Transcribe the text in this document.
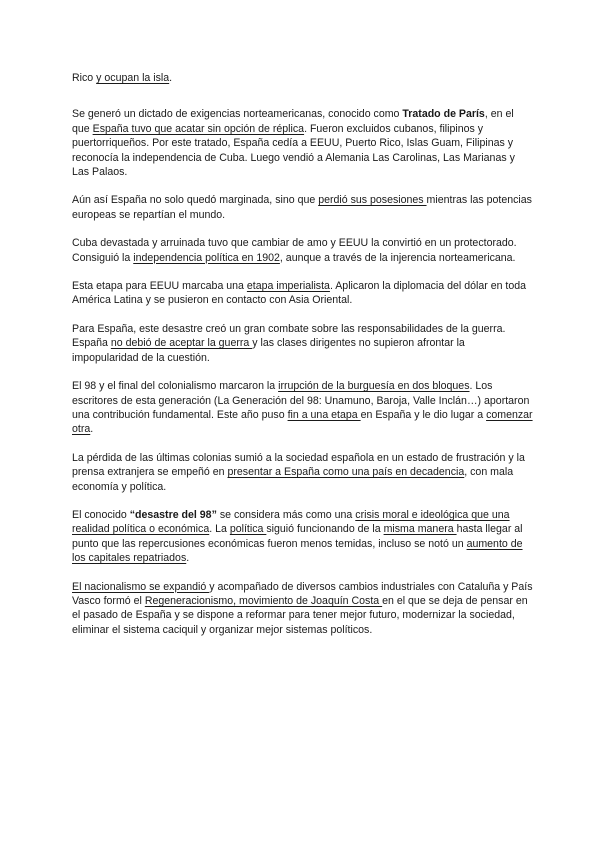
Rico y ocupan la isla.

Se generó un dictado de exigencias norteamericanas, conocido como Tratado de París, en el que España tuvo que acatar sin opción de réplica. Fueron excluidos cubanos, filipinos y puertorriqueños. Por este tratado, España cedía a EEUU, Puerto Rico, Islas Guam, Filipinas y reconocía la independencia de Cuba. Luego vendió a Alemania Las Carolinas, Las Marianas y Las Palaos.

Aún así España no solo quedó marginada, sino que perdió sus posesiones mientras las potencias europeas se repartían el mundo.

Cuba devastada y arruinada tuvo que cambiar de amo y EEUU la convirtió en un protectorado. Consiguió la independencia política en 1902, aunque a través de la injerencia norteamericana.

Esta etapa para EEUU marcaba una etapa imperialista. Aplicaron la diplomacia del dólar en toda América Latina y se pusieron en contacto con Asia Oriental.

Para España, este desastre creó un gran combate sobre las responsabilidades de la guerra. España no debió de aceptar la guerra y las clases dirigentes no supieron afrontar la impopularidad de la cuestión.

El 98 y el final del colonialismo marcaron la irrupción de la burguesía en dos bloques. Los escritores de esta generación (La Generación del 98: Unamuno, Baroja, Valle Inclán…) aportaron una contribución fundamental. Este año puso fin a una etapa en España y le dio lugar a comenzar otra.

La pérdida de las últimas colonias sumió a la sociedad española en un estado de frustración y la prensa extranjera se empeñó en presentar a España como una país en decadencia, con mala economía y política.

El conocido “desastre del 98” se considera más como una crisis moral e ideológica que una realidad política o económica. La política siguió funcionando de la misma manera hasta llegar al punto que las repercusiones económicas fueron menos temidas, incluso se notó un aumento de los capitales repatriados.

El nacionalismo se expandió y acompañado de diversos cambios industriales con Cataluña y País Vasco formó el Regeneracionismo, movimiento de Joaquín Costa en el que se deja de pensar en el pasado de España y se dispone a reformar para tener mejor futuro, modernizar la sociedad, eliminar el sistema caciquil y organizar mejor sistemas políticos.
